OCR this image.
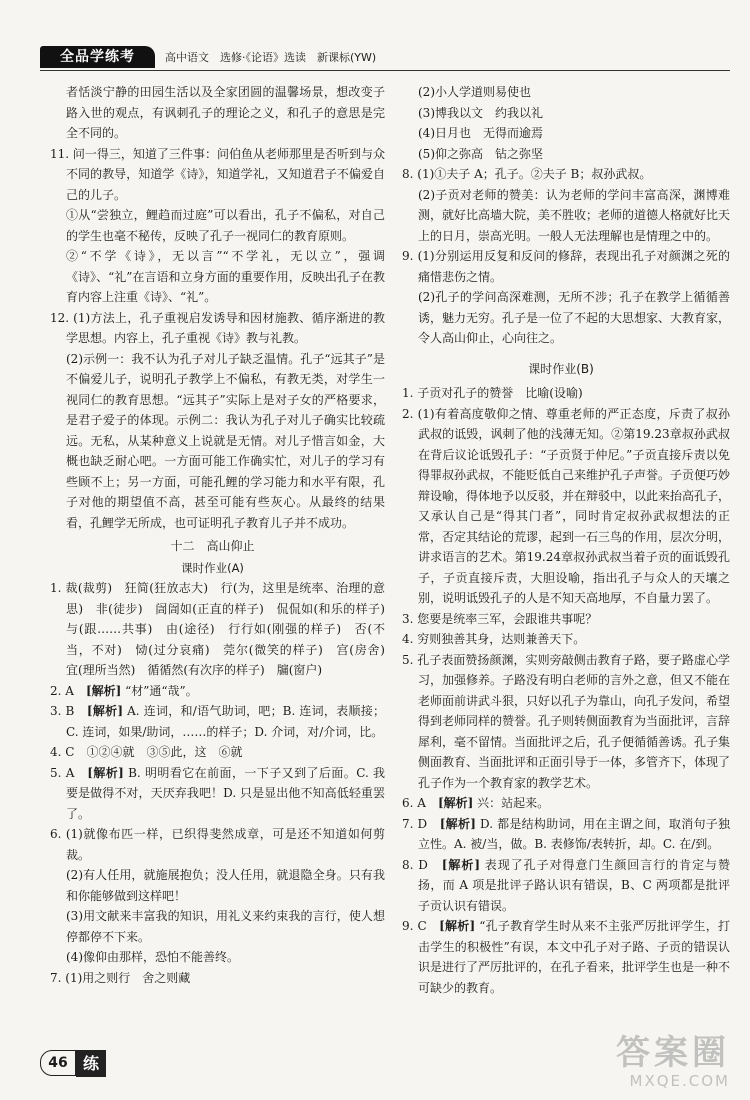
全品学练考	高中语文　选修·《论语》选读　新课标(YW)

者恬淡宁静的田园生活以及全家团圆的温馨场景，想改变子路入世的观点，有讽刺孔子的理论之义，和孔子的意思是完全不同的。

11. 问一得三，知道了三件事：问伯鱼从老师那里是否听到与众不同的教导，知道学《诗》，知道学礼，又知道君子不偏爱自己的儿子。

①从“尝独立，鲤趋而过庭”可以看出，孔子不偏私，对自己的学生也毫不秘传，反映了孔子一视同仁的教育原则。

②“不学《诗》，无以言”“不学礼，无以立”，强调《诗》、“礼”在言语和立身方面的重要作用，反映出孔子在教育内容上注重《诗》、“礼”。

12. (1)方法上，孔子重视启发诱导和因材施教、循序渐进的教学思想。内容上，孔子重视《诗》教与礼教。

(2)示例一：我不认为孔子对儿子缺乏温情。孔子“远其子”是不偏爱儿子，说明孔子教学上不偏私，有教无类，对学生一视同仁的教育思想。“远其子”实际上是对子女的严格要求，是君子爱子的体现。示例二：我认为孔子对儿子确实比较疏远。无私，从某种意义上说就是无情。对儿子惜言如金，大概也缺乏耐心吧。一方面可能工作确实忙，对儿子的学习有些顾不上；另一方面，可能孔鲤的学习能力和水平有限，孔子对他的期望值不高，甚至可能有些灰心。从最终的结果看，孔鲤学无所成，也可证明孔子教育儿子并不成功。

十二　高山仰止

课时作业(A)

1. 裁(裁剪)　狂简(狂放志大)　行(为，这里是统率、治理的意思)　非(徒步)　訚訚如(正直的样子)　侃侃如(和乐的样子)　与(跟……共事)　由(途径)　行行如(刚强的样子)　否(不当，不对)　恸(过分哀痛)　莞尔(微笑的样子)　宫(房舍)　宜(理所当然)　循循然(有次序的样子)　牖(窗户)

2. A　[解析] “材”通“哉”。

3. B　[解析] A. 连词，和/语气助词，吧；B. 连词，表顺接；C. 连词，如果/助词，……的样子；D. 介词，对/介词，比。

4. C　①②④就　③⑤此，这　⑥就

5. A　[解析] B. 明明看它在前面，一下子又到了后面。C. 我要是做得不对，天厌弃我吧！D. 只是显出他不知高低轻重罢了。

6. (1)就像布匹一样，已织得斐然成章，可是还不知道如何剪裁。

(2)有人任用，就施展抱负；没人任用，就退隐全身。只有我和你能够做到这样吧！

(3)用文献来丰富我的知识，用礼义来约束我的言行，使人想停都停不下来。

(4)像仰由那样，恐怕不能善终。

7. (1)用之则行　舍之则藏

(2)小人学道则易使也

(3)博我以文　约我以礼

(4)日月也　无得而逾焉

(5)仰之弥高　钻之弥坚

8. (1)①夫子 A；孔子。②夫子 B；叔孙武叔。

(2)子贡对老师的赞美：认为老师的学问丰富高深，渊博难测，就好比高墙大院，美不胜收；老师的道德人格就好比天上的日月，崇高光明。一般人无法理解也是情理之中的。

9. (1)分别运用反复和反问的修辞，表现出孔子对颜渊之死的痛惜悲伤之情。

(2)孔子的学问高深难测，无所不涉；孔子在教学上循循善诱，魅力无穷。孔子是一位了不起的大思想家、大教育家，令人高山仰止，心向往之。

课时作业(B)

1. 子贡对孔子的赞誉　比喻(设喻)

2. (1)有着高度敬仰之情、尊重老师的严正态度，斥责了叔孙武叔的诋毁，讽刺了他的浅薄无知。②第19.23章叔孙武叔在背后议论诋毁孔子：“子贡贤于仲尼。”子贡直接斥责以免得罪叔孙武叔，不能贬低自己来维护孔子声誉。子贡便巧妙辩设喻，得体地予以反驳，并在辩驳中，以此来抬高孔子，又承认自己是“得其门者”，同时肯定叔孙武叔想法的正常，否定其结论的荒谬，起到一石三鸟的作用，层次分明，讲求语言的艺术。第19.24章叔孙武叔当着子贡的面诋毁孔子，子贡直接斥责，大胆设喻，指出孔子与众人的天壤之别，说明诋毁孔子的人是不知天高地厚，不自量力罢了。

3. 您要是统率三军，会跟谁共事呢？

4. 穷则独善其身，达则兼善天下。

5. 孔子表面赞扬颜渊，实则旁敲侧击教育子路，要子路虚心学习，加强修养。子路没有明白老师的言外之意，但又不能在老师面前讲武斗狠，只好以孔子为靠山，向孔子发问，希望得到老师同样的赞誉。孔子则转侧面教育为当面批评，言辞犀利，毫不留情。当面批评之后，孔子便循循善诱。孔子集侧面教育、当面批评和正面引导于一体，多管齐下，体现了孔子作为一个教育家的教学艺术。

6. A　[解析] 兴：站起来。

7. D　[解析] D. 都是结构助词，用在主谓之间，取消句子独立性。A. 被/当，做。B. 表修饰/表转折，却。C. 在/到。

8. D　[解析] 表现了孔子对得意门生颜回言行的肯定与赞扬，而 A 项是批评子路认识有错误，B、C 两项都是批评子贡认识有错误。

9. C　[解析] “孔子教育学生时从来不主张严厉批评学生，打击学生的积极性”有误，本文中孔子对子路、子贡的错误认识是进行了严厉批评的，在孔子看来，批评学生也是一种不可缺少的教育。

46 练	答案圈
MXQE.COM
